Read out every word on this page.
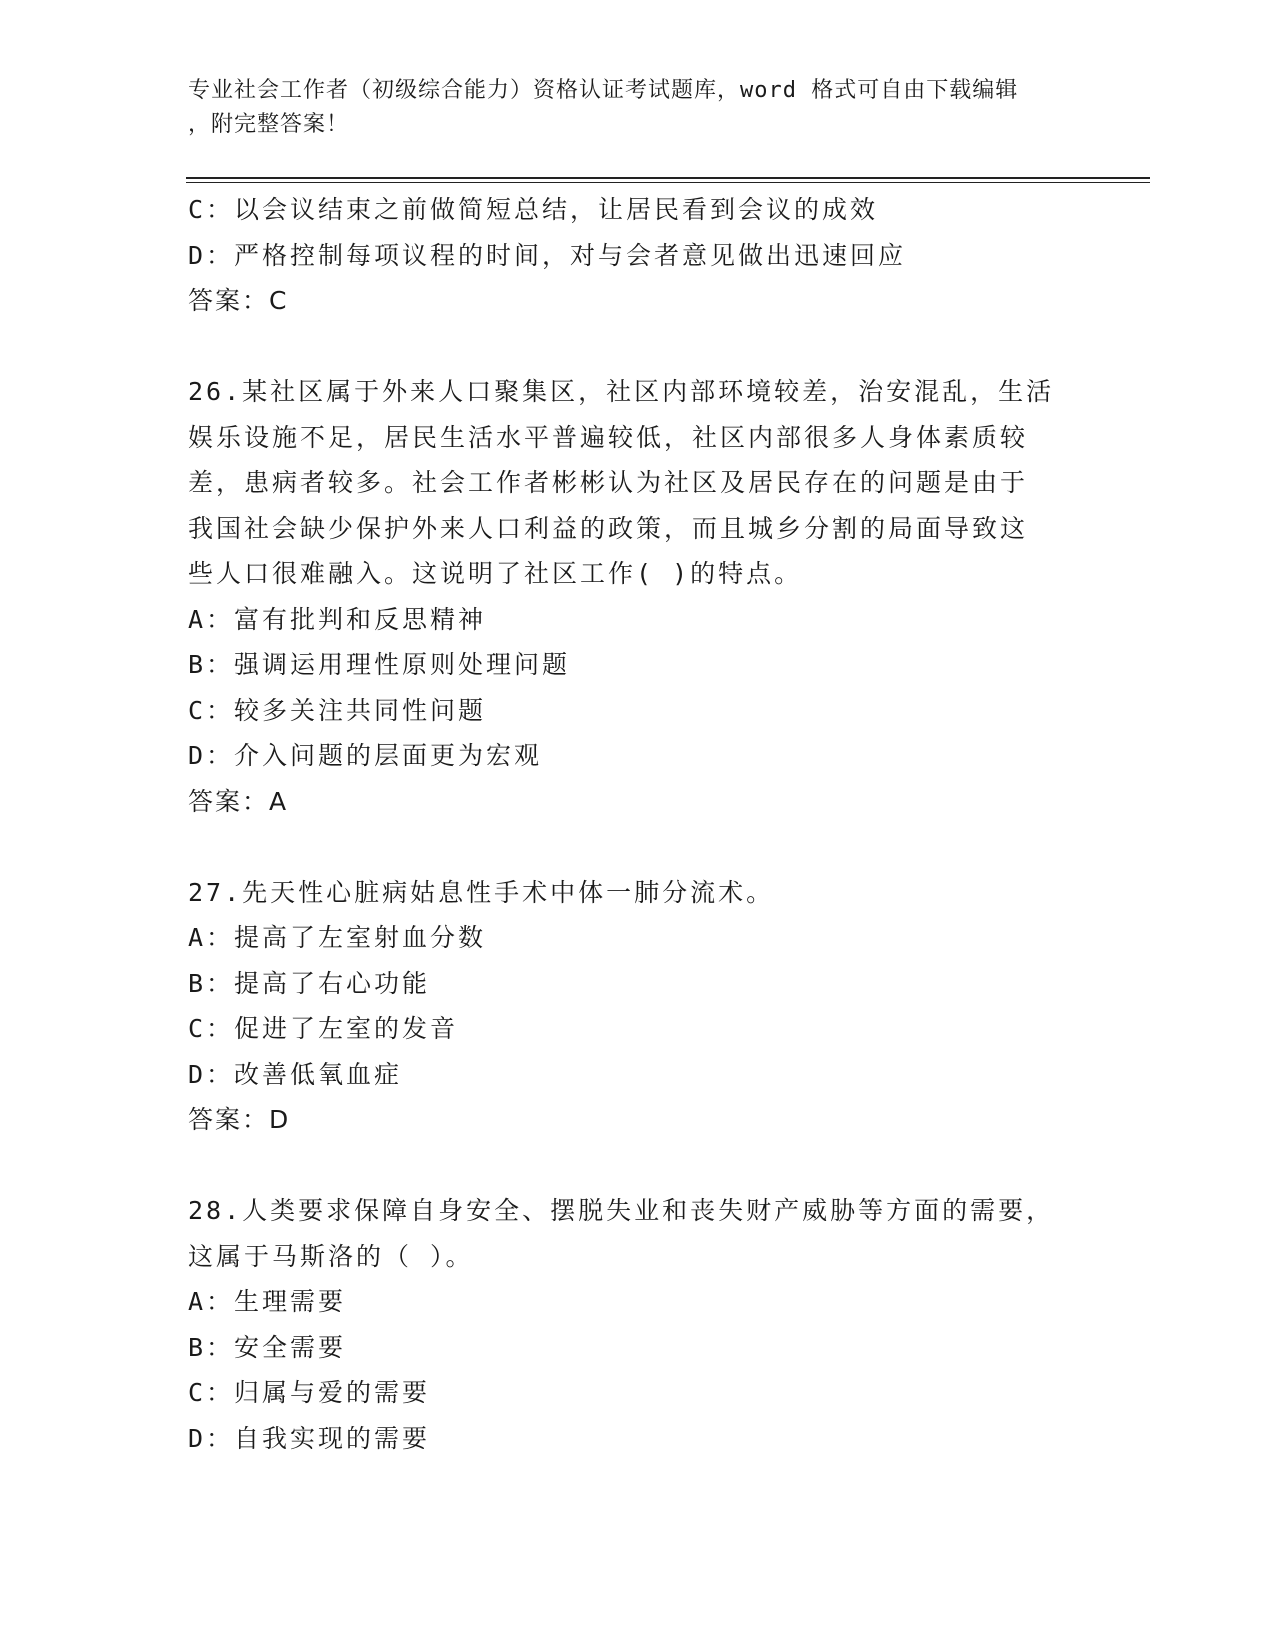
专业社会工作者（初级综合能力）资格认证考试题库，word 格式可自由下载编辑
，附完整答案！
C：以会议结束之前做简短总结，让居民看到会议的成效
D：严格控制每项议程的时间，对与会者意见做出迅速回应
答案：C
26.某社区属于外来人口聚集区，社区内部环境较差，治安混乱，生活
娱乐设施不足，居民生活水平普遍较低，社区内部很多人身体素质较
差，患病者较多。社会工作者彬彬认为社区及居民存在的问题是由于
我国社会缺少保护外来人口利益的政策，而且城乡分割的局面导致这
些人口很难融入。这说明了社区工作( )的特点。
A：富有批判和反思精神
B：强调运用理性原则处理问题
C：较多关注共同性问题
D：介入问题的层面更为宏观
答案：A
27.先天性心脏病姑息性手术中体一肺分流术。
A：提高了左室射血分数
B：提高了右心功能
C：促进了左室的发音
D：改善低氧血症
答案：D
28.人类要求保障自身安全、摆脱失业和丧失财产威胁等方面的需要，
这属于马斯洛的（ ）。
A：生理需要
B：安全需要
C：归属与爱的需要
D：自我实现的需要
